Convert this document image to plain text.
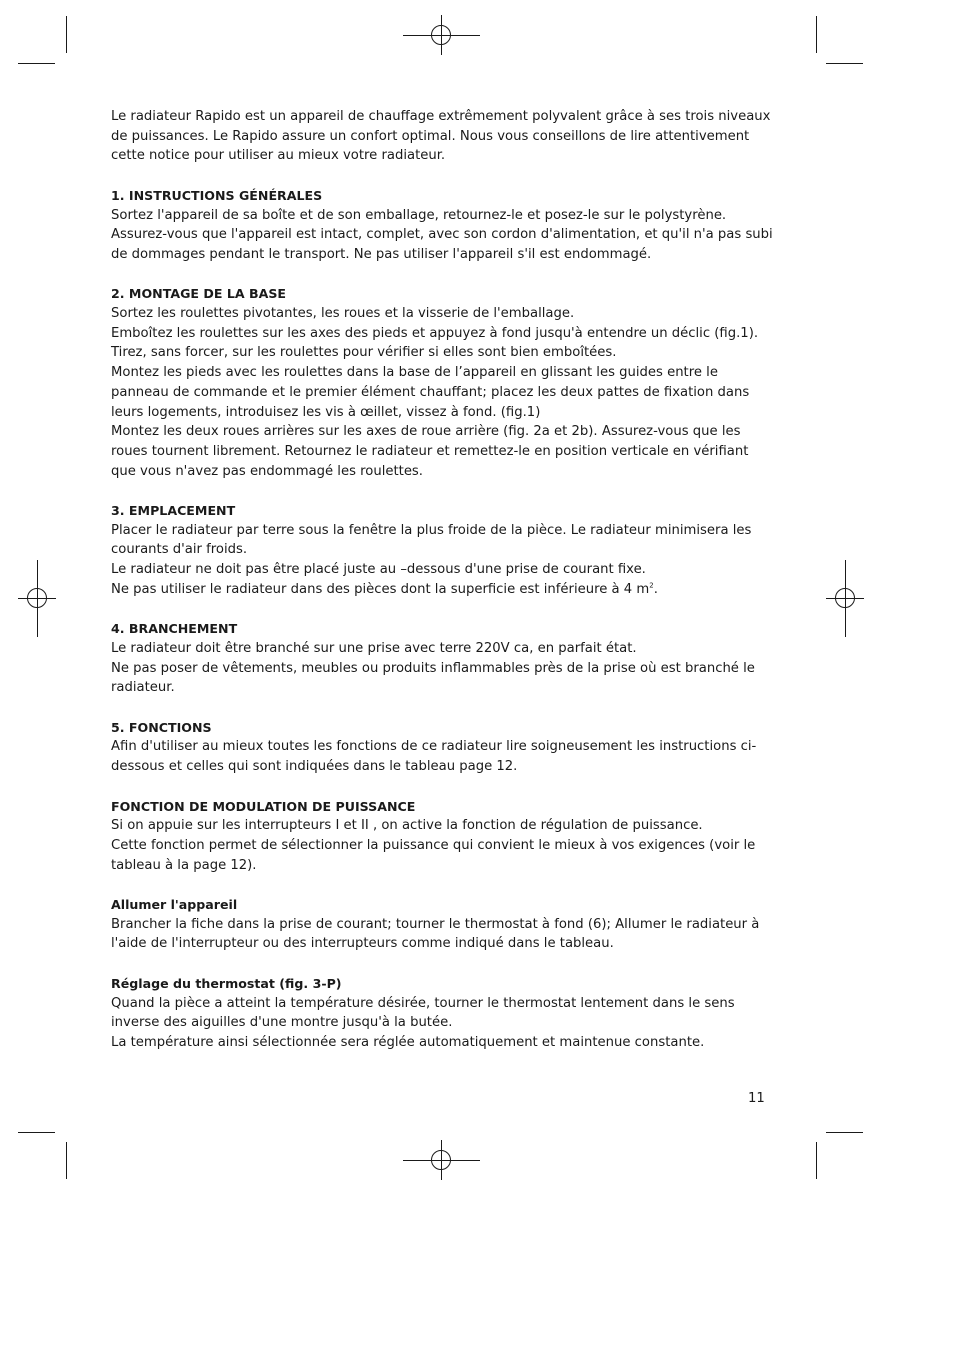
Le radiateur Rapido est un appareil de chauffage extrêmement polyvalent grâce à ses trois niveaux de puissances. Le Rapido assure un confort optimal. Nous vous conseillons de lire attentivement cette notice pour utiliser au mieux votre radiateur.

1. INSTRUCTIONS GÉNÉRALES

Sortez l'appareil de sa boîte et de son emballage, retournez-le et posez-le sur le polystyrène. Assurez-vous que l'appareil est intact, complet, avec son cordon d'alimentation, et qu'il n'a pas subi de dommages pendant le transport. Ne pas utiliser l'appareil s'il est endommagé.

2. MONTAGE DE LA BASE

Sortez les roulettes pivotantes, les roues et la visserie de l'emballage.

Emboîtez les roulettes sur les axes des pieds et appuyez à fond jusqu'à entendre un déclic (fig.1). Tirez, sans forcer, sur les roulettes pour vérifier si elles sont bien emboîtées.

Montez les pieds avec les roulettes dans la base de l’appareil en glissant les guides entre le panneau de commande et le premier élément chauffant; placez les deux pattes de fixation dans leurs logements, introduisez les vis à œillet, vissez à fond. (fig.1)

Montez les deux roues arrières sur les axes de roue arrière (fig. 2a et 2b). Assurez-vous que les roues tournent librement. Retournez le radiateur et remettez-le en position verticale en vérifiant que vous n'avez pas endommagé les roulettes.

3. EMPLACEMENT

Placer le radiateur par terre sous la fenêtre la plus froide de la pièce. Le radiateur minimisera les courants d'air froids.

Le radiateur ne doit pas être placé juste au –dessous d'une prise de courant fixe.

Ne pas utiliser le radiateur dans des pièces dont la superficie est inférieure à 4 $m^2$.

4. BRANCHEMENT

Le radiateur doit être branché sur une prise avec terre 220V ca, en parfait état.

Ne pas poser de vêtements, meubles ou produits inflammables près de la prise où est branché le radiateur.

5. FONCTIONS

Afin d'utiliser au mieux toutes les fonctions de ce radiateur lire soigneusement les instructions ci-dessous et celles qui sont indiquées dans le tableau page 12.

FONCTION DE MODULATION DE PUISSANCE

Si on appuie sur les interrupteurs I et II , on active la fonction de régulation de puissance.

Cette fonction permet de sélectionner la puissance qui convient le mieux à vos exigences (voir le tableau à la page 12).

Allumer l'appareil

Brancher la fiche dans la prise de courant; tourner le thermostat à fond (6); Allumer le radiateur à l'aide de l'interrupteur ou des interrupteurs comme indiqué dans le tableau.

Réglage du thermostat (fig. 3-P)

Quand la pièce a atteint la température désirée, tourner le thermostat lentement dans le sens inverse des aiguilles d'une montre jusqu'à la butée.

La température ainsi sélectionnée sera réglée automatiquement et maintenue constante.

11
